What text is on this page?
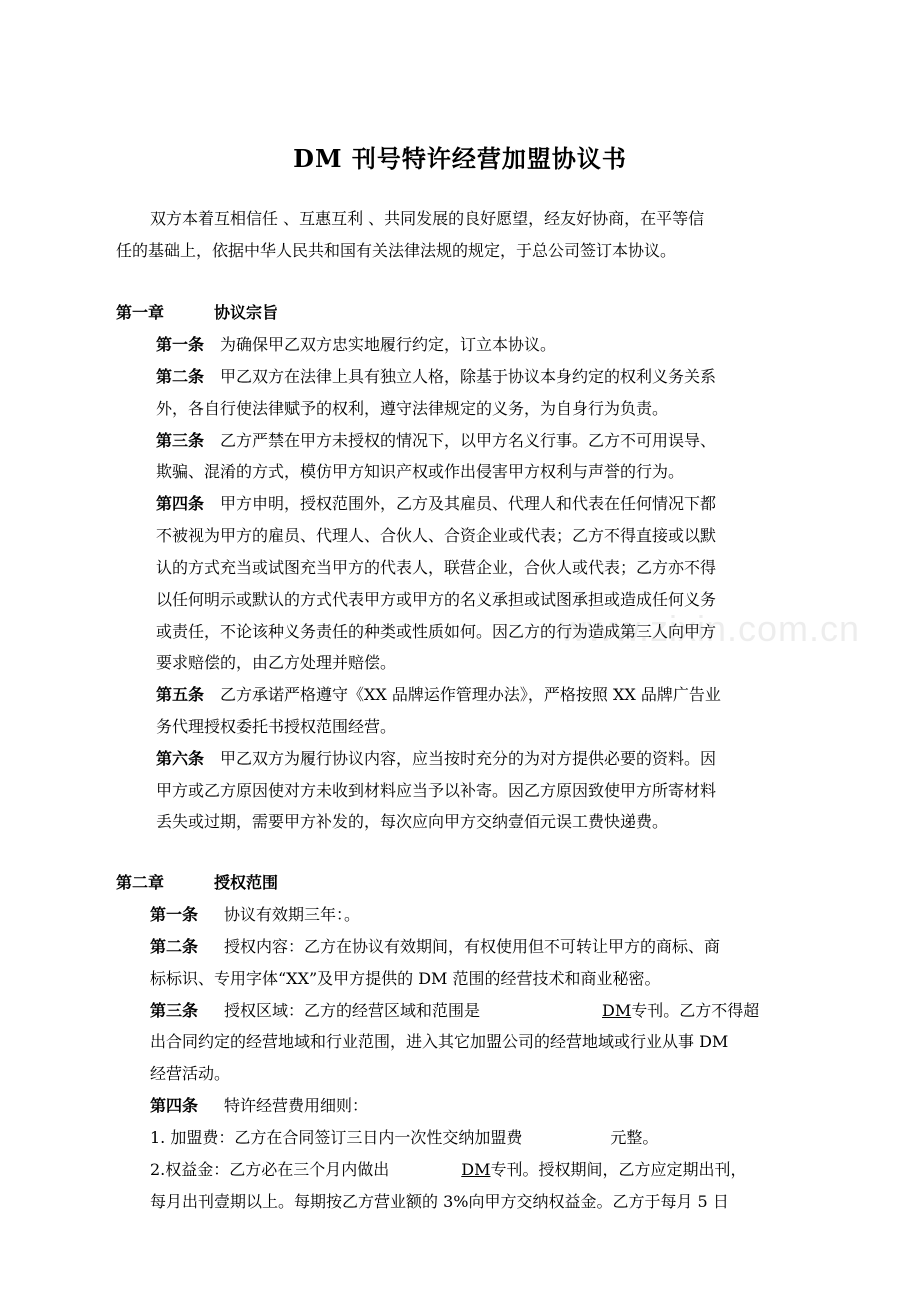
www.zixin.com.cn
DM 刊号特许经营加盟协议书
双方本着互相信任 、互惠互利 、共同发展的良好愿望，经友好协商，在平等信
任的基础上，依据中华人民共和国有关法律法规的规定，于总公司签订本协议。
第一章	协议宗旨
第一条 为确保甲乙双方忠实地履行约定，订立本协议。
第二条 甲乙双方在法律上具有独立人格，除基于协议本身约定的权利义务关系
外，各自行使法律赋予的权利，遵守法律规定的义务，为自身行为负责。
第三条 乙方严禁在甲方未授权的情况下，以甲方名义行事。乙方不可用误导、
欺骗、混淆的方式，模仿甲方知识产权或作出侵害甲方权利与声誉的行为。
第四条 甲方申明，授权范围外，乙方及其雇员、代理人和代表在任何情况下都
不被视为甲方的雇员、代理人、合伙人、合资企业或代表；乙方不得直接或以默
认的方式充当或试图充当甲方的代表人，联营企业，合伙人或代表；乙方亦不得
以任何明示或默认的方式代表甲方或甲方的名义承担或试图承担或造成任何义务
或责任，不论该种义务责任的种类或性质如何。因乙方的行为造成第三人向甲方
要求赔偿的，由乙方处理并赔偿。
第五条 乙方承诺严格遵守《XX 品牌运作管理办法》，严格按照 XX 品牌广告业
务代理授权委托书授权范围经营。
第六条 甲乙双方为履行协议内容，应当按时充分的为对方提供必要的资料。因
甲方或乙方原因使对方未收到材料应当予以补寄。因乙方原因致使甲方所寄材料
丢失或过期，需要甲方补发的，每次应向甲方交纳壹佰元误工费快递费。
第二章	授权范围
第一条 协议有效期三年：。
第二条 授权内容：乙方在协议有效期间，有权使用但不可转让甲方的商标、商
标标识、专用字体“XX”及甲方提供的 DM 范围的经营技术和商业秘密。
第三条 授权区域：乙方的经营区域和范围是	DM专刊。乙方不得超
出合同约定的经营地域和行业范围，进入其它加盟公司的经营地域或行业从事 DM
经营活动。
第四条 特许经营费用细则：
1. 加盟费：乙方在合同签订三日内一次性交纳加盟费	元整。
2.权益金：乙方必在三个月内做出	DM专刊。授权期间，乙方应定期出刊，
每月出刊壹期以上。每期按乙方营业额的 3%向甲方交纳权益金。乙方于每月 5 日
